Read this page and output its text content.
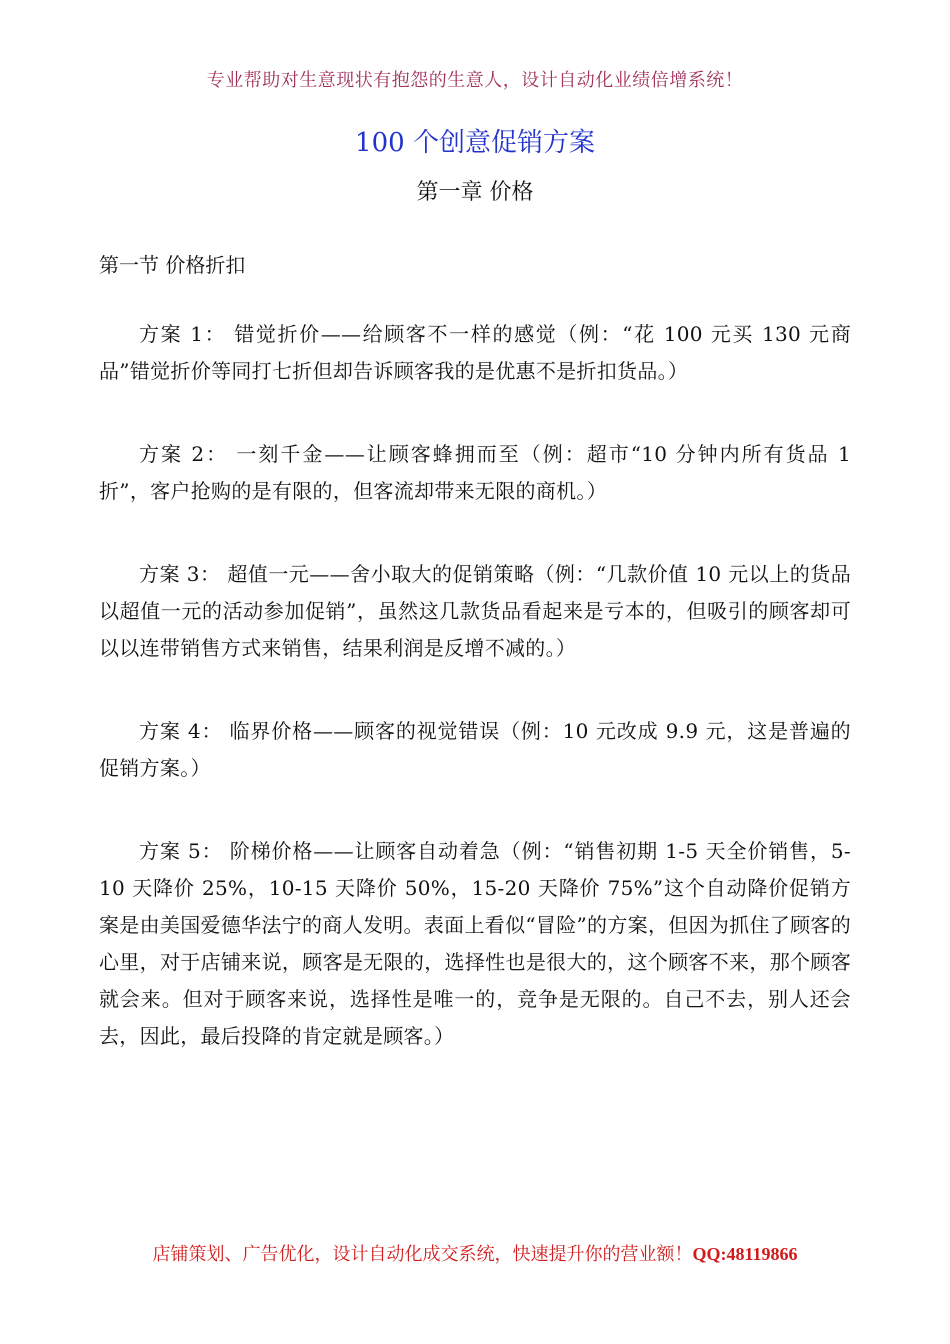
专业帮助对生意现状有抱怨的生意人，设计自动化业绩倍增系统！
100 个创意促销方案
第一章 价格
第一节 价格折扣

方案 1： 错觉折价——给顾客不一样的感觉（例：“花 100 元买 130 元商品”错觉折价等同打七折但却告诉顾客我的是优惠不是折扣货品。）

方案 2： 一刻千金——让顾客蜂拥而至（例：超市“10 分钟内所有货品 1 折”，客户抢购的是有限的，但客流却带来无限的商机。）

方案 3： 超值一元——舍小取大的促销策略（例：“几款价值 10 元以上的货品以超值一元的活动参加促销”，虽然这几款货品看起来是亏本的，但吸引的顾客却可以以连带销售方式来销售，结果利润是反增不减的。）

方案 4： 临界价格——顾客的视觉错误（例：10 元改成 9.9 元，这是普遍的促销方案。）

方案 5： 阶梯价格——让顾客自动着急（例：“销售初期 1-5 天全价销售，5-10 天降价 25%，10-15 天降价 50%，15-20 天降价 75%”这个自动降价促销方案是由美国爱德华法宁的商人发明。表面上看似“冒险”的方案，但因为抓住了顾客的心里，对于店铺来说，顾客是无限的，选择性也是很大的，这个顾客不来，那个顾客就会来。但对于顾客来说，选择性是唯一的，竞争是无限的。自己不去，别人还会去，因此，最后投降的肯定就是顾客。）

店铺策划、广告优化，设计自动化成交系统，快速提升你的营业额！QQ:48119866
